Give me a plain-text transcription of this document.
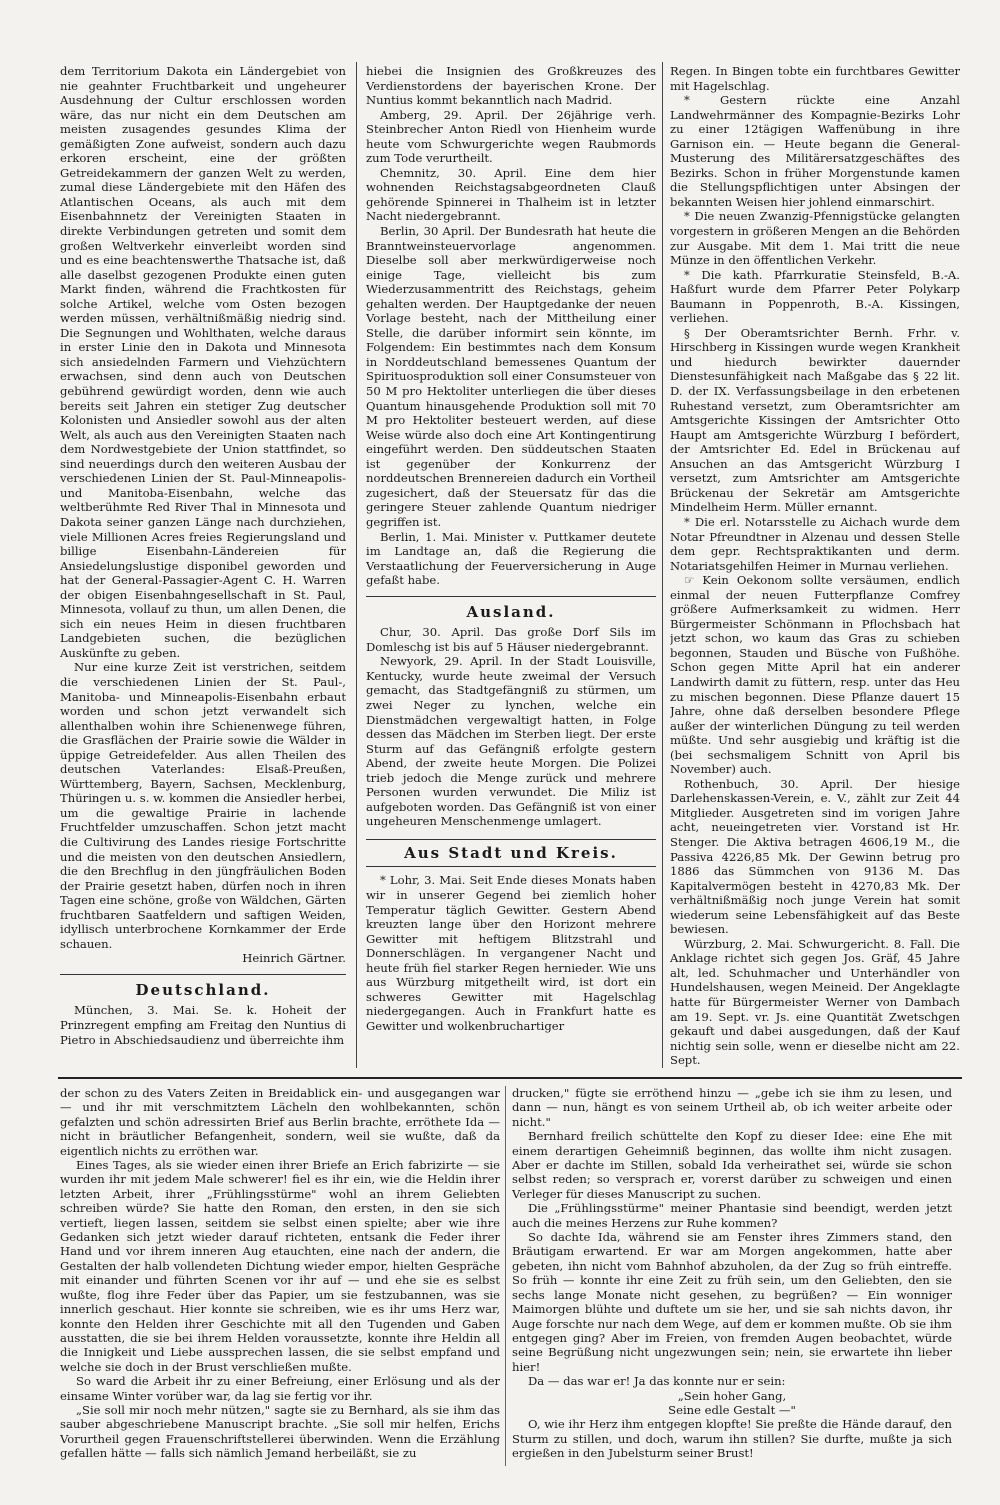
dem Territorium Dakota ein Ländergebiet von nie geahnter Fruchtbarkeit und ungeheurer Ausdehnung der Cultur erschlossen worden wäre, das nur nicht ein dem Deutschen am meisten zusagendes gesundes Klima der gemäßigten Zone aufweist, sondern auch dazu erkoren erscheint, eine der größten Getreidekammern der ganzen Welt zu werden, zumal diese Ländergebiete mit den Häfen des Atlantischen Oceans, als auch mit dem Eisenbahnnetz der Vereinigten Staaten in direkte Verbindungen getreten und somit dem großen Weltverkehr einverleibt worden sind und es eine beachtenswerthe Thatsache ist, daß alle daselbst gezogenen Produkte einen guten Markt finden, während die Frachtkosten für solche Artikel, welche vom Osten bezogen werden müssen, verhältnißmäßig niedrig sind. Die Segnungen und Wohlthaten, welche daraus in erster Linie den in Dakota und Minnesota sich ansiedelnden Farmern und Viehzüchtern erwachsen, sind denn auch von Deutschen gebührend gewürdigt worden, denn wie auch bereits seit Jahren ein stetiger Zug deutscher Kolonisten und Ansiedler sowohl aus der alten Welt, als auch aus den Vereinigten Staaten nach dem Nordwestgebiete der Union stattfindet, so sind neuerdings durch den weiteren Ausbau der verschiedenen Linien der St. Paul-Minneapolis- und Manitoba-Eisenbahn, welche das weltberühmte Red River Thal in Minnesota und Dakota seiner ganzen Länge nach durchziehen, viele Millionen Acres freies Regierungsland und billige Eisenbahn-Ländereien für Ansiedelungslustige disponibel geworden und hat der General-Passagier-Agent C. H. Warren der obigen Eisenbahngesellschaft in St. Paul, Minnesota, vollauf zu thun, um allen Denen, die sich ein neues Heim in diesen fruchtbaren Landgebieten suchen, die bezüglichen Auskünfte zu geben.

Nur eine kurze Zeit ist verstrichen, seitdem die verschiedenen Linien der St. Paul-, Manitoba- und Minneapolis-Eisenbahn erbaut worden und schon jetzt verwandelt sich allenthalben wohin ihre Schienenwege führen, die Grasflächen der Prairie sowie die Wälder in üppige Getreidefelder. Aus allen Theilen des deutschen Vaterlandes: Elsaß-Preußen, Württemberg, Bayern, Sachsen, Mecklenburg, Thüringen u. s. w. kommen die Ansiedler herbei, um die gewaltige Prairie in lachende Fruchtfelder umzuschaffen. Schon jetzt macht die Cultivirung des Landes riesige Fortschritte und die meisten von den deutschen Ansiedlern, die den Brechflug in den jüngfräulichen Boden der Prairie gesetzt haben, dürfen noch in ihren Tagen eine schöne, große von Wäldchen, Gärten fruchtbaren Saatfeldern und saftigen Weiden, idyllisch unterbrochene Kornkammer der Erde schauen.

Heinrich Gärtner.

Deutschland.

München, 3. Mai. Se. k. Hoheit der Prinzregent empfing am Freitag den Nuntius di Pietro in Abschiedsaudienz und überreichte ihm

hiebei die Insignien des Großkreuzes des Verdienstordens der bayerischen Krone. Der Nuntius kommt bekanntlich nach Madrid.

Amberg, 29. April. Der 26jährige verh. Steinbrecher Anton Riedl von Hienheim wurde heute vom Schwurgerichte wegen Raubmords zum Tode verurtheilt.

Chemnitz, 30. April. Eine dem hier wohnenden Reichstagsabgeordneten Clauß gehörende Spinnerei in Thalheim ist in letzter Nacht niedergebrannt.

Berlin, 30 April. Der Bundesrath hat heute die Branntweinsteuervorlage angenommen. Dieselbe soll aber merkwürdigerweise noch einige Tage, vielleicht bis zum Wiederzusammentritt des Reichstags, geheim gehalten werden. Der Hauptgedanke der neuen Vorlage besteht, nach der Mittheilung einer Stelle, die darüber informirt sein könnte, im Folgendem: Ein bestimmtes nach dem Konsum in Norddeutschland bemessenes Quantum der Spirituosproduktion soll einer Consumsteuer von 50 M pro Hektoliter unterliegen die über dieses Quantum hinausgehende Produktion soll mit 70 M pro Hektoliter besteuert werden, auf diese Weise würde also doch eine Art Kontingentirung eingeführt werden. Den süddeutschen Staaten ist gegenüber der Konkurrenz der norddeutschen Brennereien dadurch ein Vortheil zugesichert, daß der Steuersatz für das die geringere Steuer zahlende Quantum niedriger gegriffen ist.

Berlin, 1. Mai. Minister v. Puttkamer deutete im Landtage an, daß die Regierung die Verstaatlichung der Feuerversicherung in Auge gefaßt habe.

Ausland.

Chur, 30. April. Das große Dorf Sils im Domleschg ist bis auf 5 Häuser niedergebrannt.

Newyork, 29. April. In der Stadt Louisville, Kentucky, wurde heute zweimal der Versuch gemacht, das Stadtgefängniß zu stürmen, um zwei Neger zu lynchen, welche ein Dienstmädchen vergewaltigt hatten, in Folge dessen das Mädchen im Sterben liegt. Der erste Sturm auf das Gefängniß erfolgte gestern Abend, der zweite heute Morgen. Die Polizei trieb jedoch die Menge zurück und mehrere Personen wurden verwundet. Die Miliz ist aufgeboten worden. Das Gefängniß ist von einer ungeheuren Menschenmenge umlagert.

Aus Stadt und Kreis.

* Lohr, 3. Mai. Seit Ende dieses Monats haben wir in unserer Gegend bei ziemlich hoher Temperatur täglich Gewitter. Gestern Abend kreuzten lange über den Horizont mehrere Gewitter mit heftigem Blitzstrahl und Donnerschlägen. In vergangener Nacht und heute früh fiel starker Regen hernieder. Wie uns aus Würzburg mitgetheilt wird, ist dort ein schweres Gewitter mit Hagelschlag niedergegangen. Auch in Frankfurt hatte es Gewitter und wolkenbruchartiger

Regen. In Bingen tobte ein furchtbares Gewitter mit Hagelschlag.

* Gestern rückte eine Anzahl Landwehrmänner des Kompagnie-Bezirks Lohr zu einer 12tägigen Waffenübung in ihre Garnison ein. — Heute begann die General-Musterung des Militärersatzgeschäftes des Bezirks. Schon in früher Morgenstunde kamen die Stellungspflichtigen unter Absingen der bekannten Weisen hier johlend einmarschirt.

* Die neuen Zwanzig-Pfennigstücke gelangten vorgestern in größeren Mengen an die Behörden zur Ausgabe. Mit dem 1. Mai tritt die neue Münze in den öffentlichen Verkehr.

* Die kath. Pfarrkuratie Steinsfeld, B.-A. Haßfurt wurde dem Pfarrer Peter Polykarp Baumann in Poppenroth, B.-A. Kissingen, verliehen.

§ Der Oberamtsrichter Bernh. Frhr. v. Hirschberg in Kissingen wurde wegen Krankheit und hiedurch bewirkter dauernder Dienstesunfähigkeit nach Maßgabe das § 22 lit. D. der IX. Verfassungsbeilage in den erbetenen Ruhestand versetzt, zum Oberamtsrichter am Amtsgerichte Kissingen der Amtsrichter Otto Haupt am Amtsgerichte Würzburg I befördert, der Amtsrichter Ed. Edel in Brückenau auf Ansuchen an das Amtsgericht Würzburg I versetzt, zum Amtsrichter am Amtsgerichte Brückenau der Sekretär am Amtsgerichte Mindelheim Herm. Müller ernannt.

* Die erl. Notarsstelle zu Aichach wurde dem Notar Pfreundtner in Alzenau und dessen Stelle dem gepr. Rechtspraktikanten und derm. Notariatsgehilfen Heimer in Murnau verliehen.

☞ Kein Oekonom sollte versäumen, endlich einmal der neuen Futterpflanze Comfrey größere Aufmerksamkeit zu widmen. Herr Bürgermeister Schönmann in Pflochsbach hat jetzt schon, wo kaum das Gras zu schieben begonnen, Stauden und Büsche von Fußhöhe. Schon gegen Mitte April hat ein anderer Landwirth damit zu füttern, resp. unter das Heu zu mischen begonnen. Diese Pflanze dauert 15 Jahre, ohne daß derselben besondere Pflege außer der winterlichen Düngung zu teil werden müßte. Und sehr ausgiebig und kräftig ist die (bei sechsmaligem Schnitt von April bis November) auch.

Rothenbuch, 30. April. Der hiesige Darlehenskassen-Verein, e. V., zählt zur Zeit 44 Mitglieder. Ausgetreten sind im vorigen Jahre acht, neueingetreten vier. Vorstand ist Hr. Stenger. Die Aktiva betragen 4606,19 M., die Passiva 4226,85 Mk. Der Gewinn betrug pro 1886 das Sümmchen von 9136 M. Das Kapitalvermögen besteht in 4270,83 Mk. Der verhältnißmäßig noch junge Verein hat somit wiederum seine Lebensfähigkeit auf das Beste bewiesen.

Würzburg, 2. Mai. Schwurgericht. 8. Fall. Die Anklage richtet sich gegen Jos. Gräf, 45 Jahre alt, led. Schuhmacher und Unterhändler von Hundelshausen, wegen Meineid. Der Angeklagte hatte für Bürgermeister Werner von Dambach am 19. Sept. vr. Js. eine Quantität Zwetschgen gekauft und dabei ausgedungen, daß der Kauf nichtig sein solle, wenn er dieselbe nicht am 22. Sept.

der schon zu des Vaters Zeiten in Breidablick ein- und ausgegangen war — und ihr mit verschmitztem Lächeln den wohlbekannten, schön gefalzten und schön adressirten Brief aus Berlin brachte, erröthete Ida — nicht in bräutlicher Befangenheit, sondern, weil sie wußte, daß da eigentlich nichts zu erröthen war.

Eines Tages, als sie wieder einen ihrer Briefe an Erich fabrizirte — sie wurden ihr mit jedem Male schwerer! fiel es ihr ein, wie die Heldin ihrer letzten Arbeit, ihrer „Frühlingsstürme" wohl an ihrem Geliebten schreiben würde? Sie hatte den Roman, den ersten, in den sie sich vertieft, liegen lassen, seitdem sie selbst einen spielte; aber wie ihre Gedanken sich jetzt wieder darauf richteten, entsank die Feder ihrer Hand und vor ihrem inneren Aug etauchten, eine nach der andern, die Gestalten der halb vollendeten Dichtung wieder empor, hielten Gespräche mit einander und führten Scenen vor ihr auf — und ehe sie es selbst wußte, flog ihre Feder über das Papier, um sie festzubannen, was sie innerlich geschaut. Hier konnte sie schreiben, wie es ihr ums Herz war, konnte den Helden ihrer Geschichte mit all den Tugenden und Gaben ausstatten, die sie bei ihrem Helden voraussetzte, konnte ihre Heldin all die Innigkeit und Liebe aussprechen lassen, die sie selbst empfand und welche sie doch in der Brust verschließen mußte.

So ward die Arbeit ihr zu einer Befreiung, einer Erlösung und als der einsame Winter vorüber war, da lag sie fertig vor ihr.

„Sie soll mir noch mehr nützen," sagte sie zu Bernhard, als sie ihm das sauber abgeschriebene Manuscript brachte. „Sie soll mir helfen, Erichs Vorurtheil gegen Frauenschriftstellerei überwinden. Wenn die Erzählung gefallen hätte — falls sich nämlich Jemand herbeiläßt, sie zu

drucken," fügte sie erröthend hinzu — „gebe ich sie ihm zu lesen, und dann — nun, hängt es von seinem Urtheil ab, ob ich weiter arbeite oder nicht."

Bernhard freilich schüttelte den Kopf zu dieser Idee: eine Ehe mit einem derartigen Geheimniß beginnen, das wollte ihm nicht zusagen. Aber er dachte im Stillen, sobald Ida verheirathet sei, würde sie schon selbst reden; so versprach er, vorerst darüber zu schweigen und einen Verleger für dieses Manuscript zu suchen.

Die „Frühlingsstürme" meiner Phantasie sind beendigt, werden jetzt auch die meines Herzens zur Ruhe kommen?

So dachte Ida, während sie am Fenster ihres Zimmers stand, den Bräutigam erwartend. Er war am Morgen angekommen, hatte aber gebeten, ihn nicht vom Bahnhof abzuholen, da der Zug so früh eintreffe. So früh — konnte ihr eine Zeit zu früh sein, um den Geliebten, den sie sechs lange Monate nicht gesehen, zu begrüßen? — Ein wonniger Maimorgen blühte und duftete um sie her, und sie sah nichts davon, ihr Auge forschte nur nach dem Wege, auf dem er kommen mußte. Ob sie ihm entgegen ging? Aber im Freien, von fremden Augen beobachtet, würde seine Begrüßung nicht ungezwungen sein; nein, sie erwartete ihn lieber hier!

Da — das war er! Ja das konnte nur er sein:

„Sein hoher Gang,

Seine edle Gestalt —"

O, wie ihr Herz ihm entgegen klopfte! Sie preßte die Hände darauf, den Sturm zu stillen, und doch, warum ihn stillen? Sie durfte, mußte ja sich ergießen in den Jubelsturm seiner Brust!
